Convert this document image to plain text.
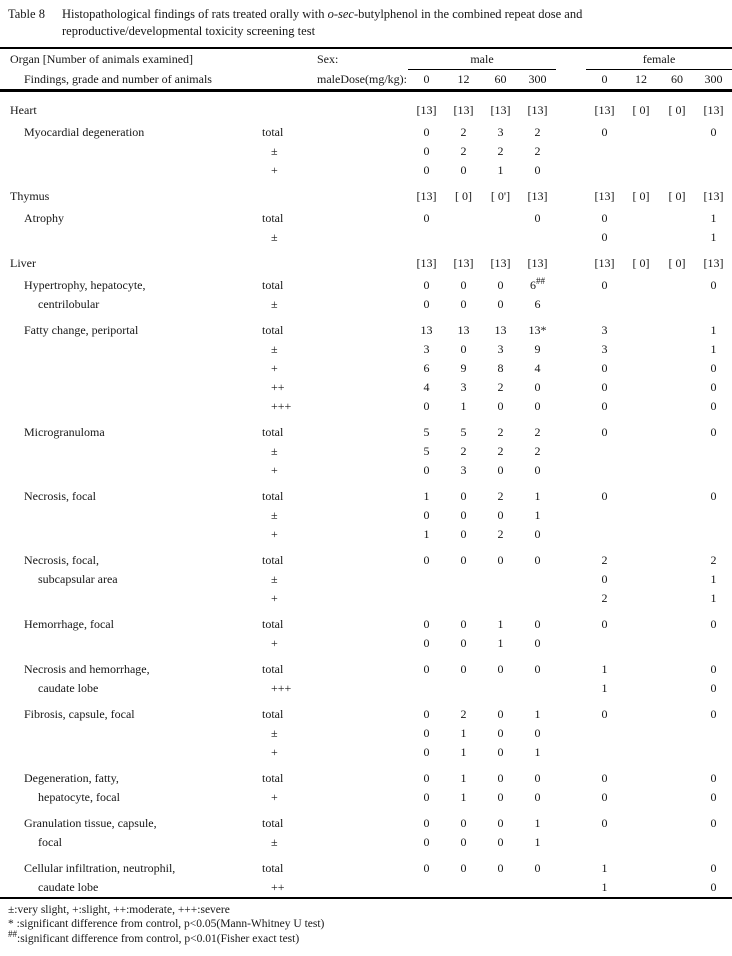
Table 8	Histopathological findings of rats treated orally with o-sec-butylphenol in the combined repeat dose and
reproductive/developmental toxicity screening test
Organ [Number of animals examined]	Sex:	male					female			
Findings, grade and number of animals	maleDose(mg/kg):	0	12	60	300		0	12	60	300
Heart		[13]	[13]	[13]	[13]		[13]	[ 0]	[ 0]	[13]
Myocardial degeneration	total	0	2	3	2		0			0
	±	0	2	2	2					
	+	0	0	1	0					
Thymus		[13]	[ 0]	[ 0']	[13]		[13]	[ 0]	[ 0]	[13]
Atrophy	total	0			0		0			1
	±						0			1
Liver		[13]	[13]	[13]	[13]		[13]	[ 0]	[ 0]	[13]
Hypertrophy, hepatocyte,	total	0	0	0	6##		0			0
centrilobular	±	0	0	0	6					
Fatty change, periportal	total	13	13	13	13*		3			1
	±	3	0	3	9		3			1
	+	6	9	8	4		0			0
	++	4	3	2	0		0			0
	+++	0	1	0	0		0			0
Microgranuloma	total	5	5	2	2		0			0
	±	5	2	2	2					
	+	0	3	0	0					
Necrosis, focal	total	1	0	2	1		0			0
	±	0	0	0	1					
	+	1	0	2	0					
Necrosis, focal,	total	0	0	0	0		2			2
subcapsular area	±						0			1
	+						2			1
Hemorrhage, focal	total	0	0	1	0		0			0
	+	0	0	1	0					
Necrosis and hemorrhage,	total	0	0	0	0		1			0
caudate lobe	+++						1			0
Fibrosis, capsule, focal	total	0	2	0	1		0			0
	±	0	1	0	0					
	+	0	1	0	1					
Degeneration, fatty,	total	0	1	0	0		0			0
hepatocyte, focal	+	0	1	0	0		0			0
Granulation tissue, capsule,	total	0	0	0	1		0			0
focal	±	0	0	0	1					
Cellular infiltration, neutrophil,	total	0	0	0	0		1			0
caudate lobe	++						1			0
±:very slight, +:slight, ++:moderate, +++:severe
* :significant difference from control, p<0.05(Mann-Whitney U test)
##:significant difference from control, p<0.01(Fisher exact test)
